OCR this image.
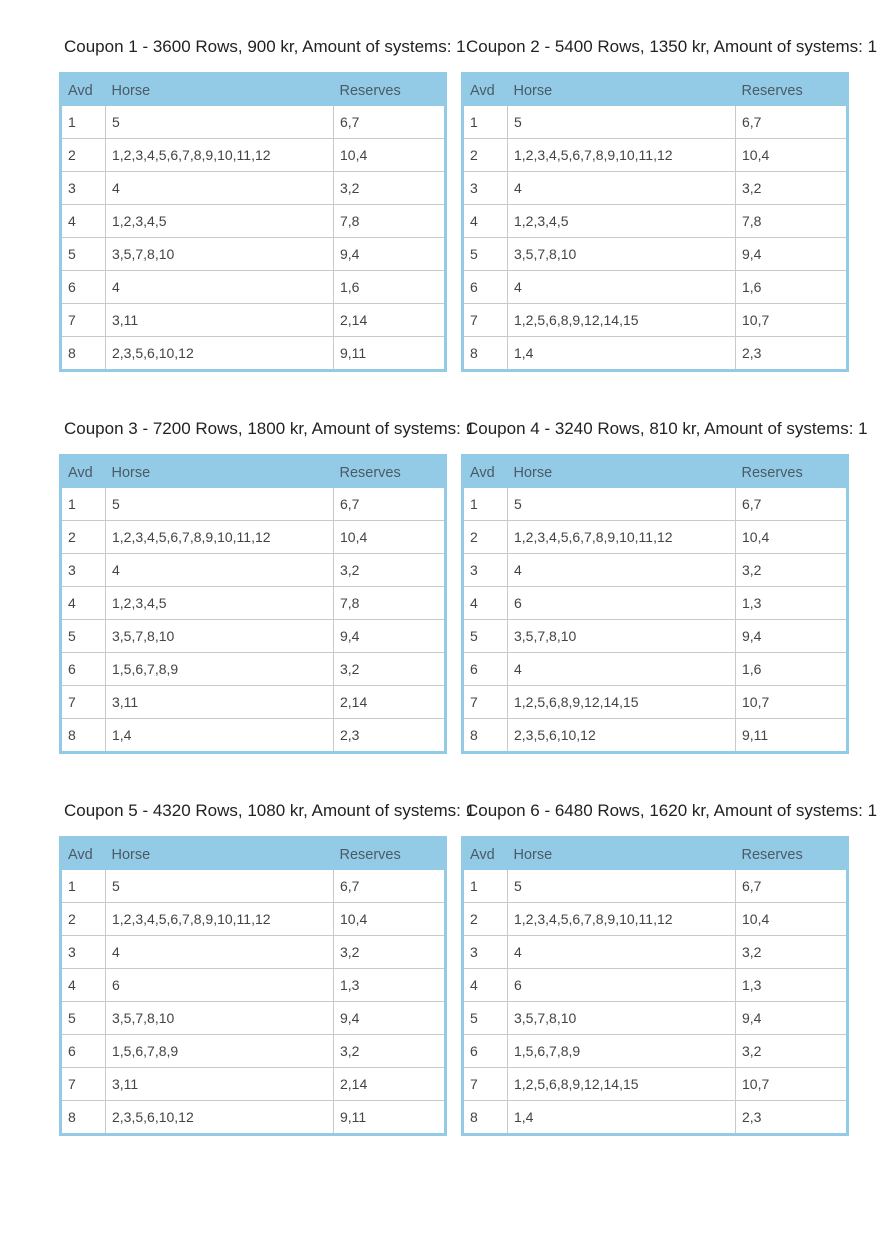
Coupon 1 - 3600 Rows, 900 kr, Amount of systems: 1
Avd	Horse	Reserves
1	5	6,7
2	1,2,3,4,5,6,7,8,9,10,11,12	10,4
3	4	3,2
4	1,2,3,4,5	7,8
5	3,5,7,8,10	9,4
6	4	1,6
7	3,11	2,14
8	2,3,5,6,10,12	9,11
Coupon 2 - 5400 Rows, 1350 kr, Amount of systems: 1
Avd	Horse	Reserves
1	5	6,7
2	1,2,3,4,5,6,7,8,9,10,11,12	10,4
3	4	3,2
4	1,2,3,4,5	7,8
5	3,5,7,8,10	9,4
6	4	1,6
7	1,2,5,6,8,9,12,14,15	10,7
8	1,4	2,3
Coupon 3 - 7200 Rows, 1800 kr, Amount of systems: 1
Avd	Horse	Reserves
1	5	6,7
2	1,2,3,4,5,6,7,8,9,10,11,12	10,4
3	4	3,2
4	1,2,3,4,5	7,8
5	3,5,7,8,10	9,4
6	1,5,6,7,8,9	3,2
7	3,11	2,14
8	1,4	2,3
Coupon 4 - 3240 Rows, 810 kr, Amount of systems: 1
Avd	Horse	Reserves
1	5	6,7
2	1,2,3,4,5,6,7,8,9,10,11,12	10,4
3	4	3,2
4	6	1,3
5	3,5,7,8,10	9,4
6	4	1,6
7	1,2,5,6,8,9,12,14,15	10,7
8	2,3,5,6,10,12	9,11
Coupon 5 - 4320 Rows, 1080 kr, Amount of systems: 1
Avd	Horse	Reserves
1	5	6,7
2	1,2,3,4,5,6,7,8,9,10,11,12	10,4
3	4	3,2
4	6	1,3
5	3,5,7,8,10	9,4
6	1,5,6,7,8,9	3,2
7	3,11	2,14
8	2,3,5,6,10,12	9,11
Coupon 6 - 6480 Rows, 1620 kr, Amount of systems: 1
Avd	Horse	Reserves
1	5	6,7
2	1,2,3,4,5,6,7,8,9,10,11,12	10,4
3	4	3,2
4	6	1,3
5	3,5,7,8,10	9,4
6	1,5,6,7,8,9	3,2
7	1,2,5,6,8,9,12,14,15	10,7
8	1,4	2,3
